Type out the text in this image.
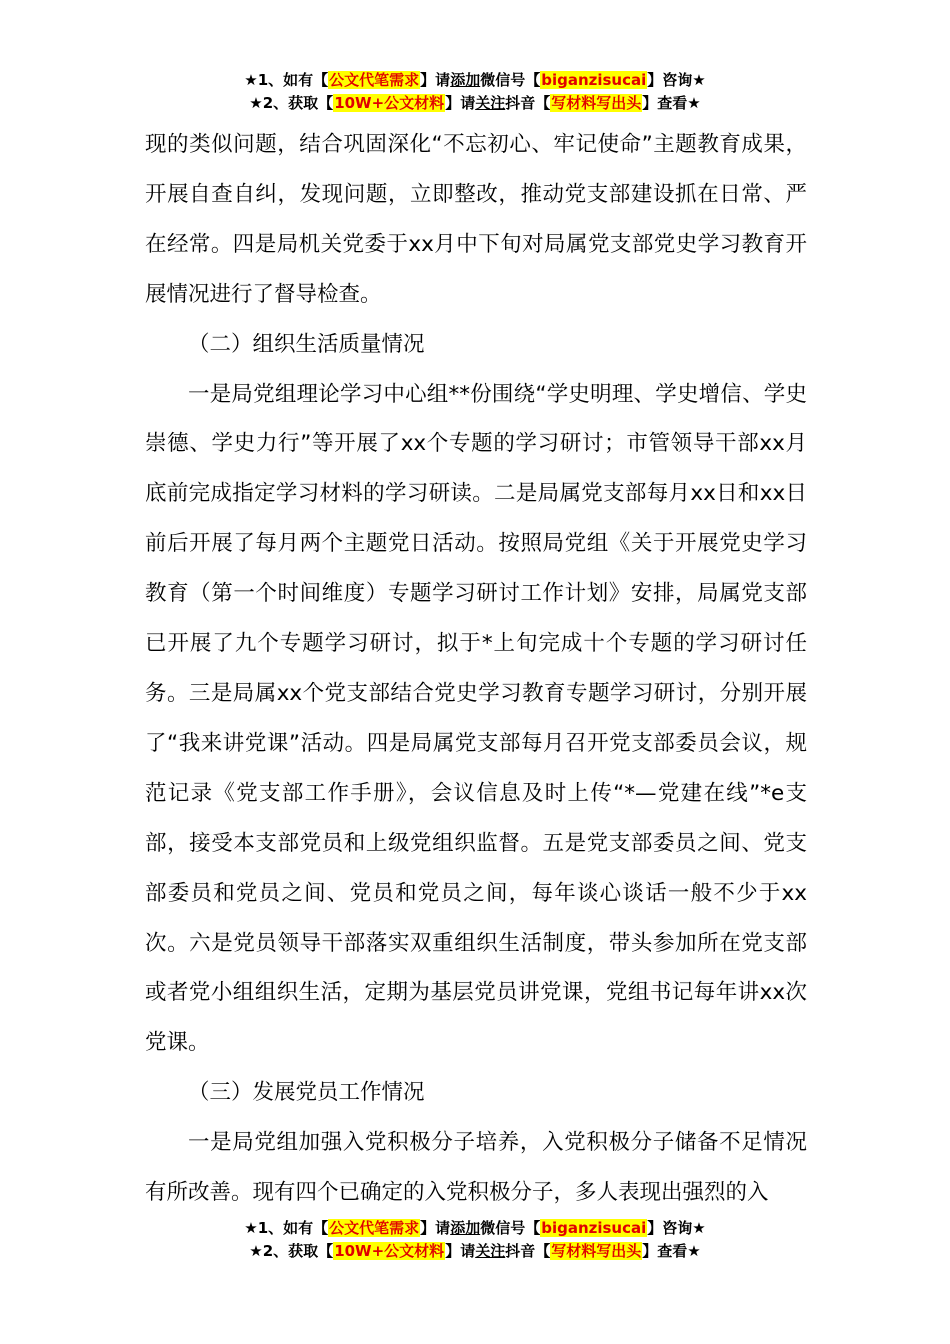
★1、如有【公文代笔需求】请添加微信号【biganzisucai】咨询★
★2、获取【10W+公文材料】请关注抖音【写材料写出头】查看★

现的类似问题，结合巩固深化“不忘初心、牢记使命”主题教育成果，开展自查自纠，发现问题，立即整改，推动党支部建设抓在日常、严在经常。四是局机关党委于xx月中下旬对局属党支部党史学习教育开展情况进行了督导检查。

（二）组织生活质量情况

一是局党组理论学习中心组**份围绕“学史明理、学史增信、学史崇德、学史力行”等开展了xx个专题的学习研讨；市管领导干部xx月底前完成指定学习材料的学习研读。二是局属党支部每月xx日和xx日前后开展了每月两个主题党日活动。按照局党组《关于开展党史学习教育（第一个时间维度）专题学习研讨工作计划》安排，局属党支部已开展了九个专题学习研讨，拟于*上旬完成十个专题的学习研讨任务。三是局属xx个党支部结合党史学习教育专题学习研讨，分别开展了“我来讲党课”活动。四是局属党支部每月召开党支部委员会议，规范记录《党支部工作手册》，会议信息及时上传“*—党建在线”*e支部，接受本支部党员和上级党组织监督。五是党支部委员之间、党支部委员和党员之间、党员和党员之间，每年谈心谈话一般不少于xx次。六是党员领导干部落实双重组织生活制度，带头参加所在党支部或者党小组组织生活，定期为基层党员讲党课，党组书记每年讲xx次党课。

（三）发展党员工作情况

一是局党组加强入党积极分子培养，入党积极分子储备不足情况有所改善。现有四个已确定的入党积极分子，多人表现出强烈的入

★1、如有【公文代笔需求】请添加微信号【biganzisucai】咨询★
★2、获取【10W+公文材料】请关注抖音【写材料写出头】查看★
